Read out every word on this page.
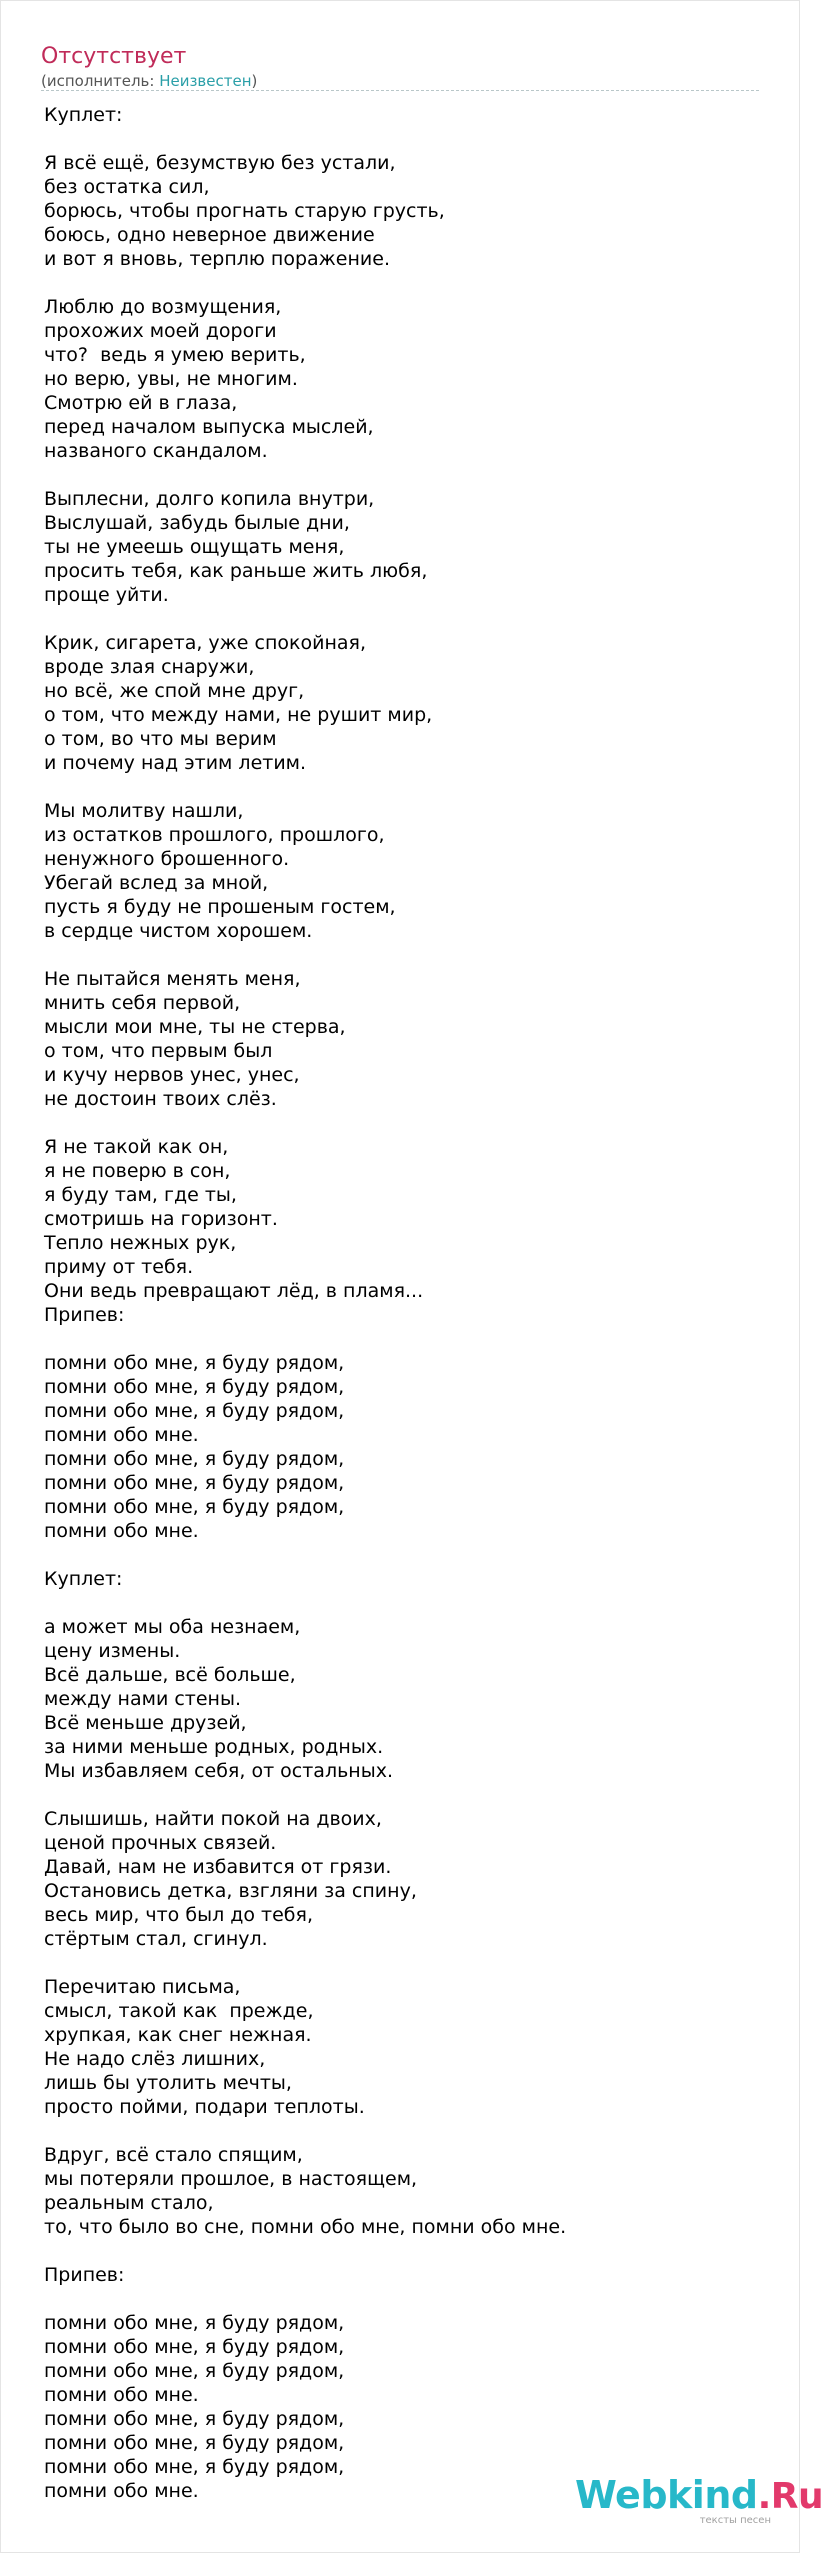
Отсутствует
(исполнитель: Неизвестен)
Куплет:

Я всё ещё, безумствую без устали,
без остатка сил,
борюсь, чтобы прогнать старую грусть,
боюсь, одно неверное движение
и вот я вновь, терплю поражение.

Люблю до возмущения,
прохожих моей дороги
что?  ведь я умею верить,
но верю, увы, не многим.
Смотрю ей в глаза,
перед началом выпуска мыслей,
названого скандалом.

Выплесни, долго копила внутри,
Выслушай, забудь былые дни,
ты не умеешь ощущать меня,
просить тебя, как раньше жить любя,
проще уйти.

Крик, сигарета, уже спокойная,
вроде злая снаружи,
но всё, же спой мне друг,
о том, что между нами, не рушит мир,
о том, во что мы верим
и почему над этим летим.

Мы молитву нашли,
из остатков прошлого, прошлого,
ненужного брошенного.
Убегай вслед за мной,
пусть я буду не прошеным гостем,
в сердце чистом хорошем.

Не пытайся менять меня,
мнить себя первой,
мысли мои мне, ты не стерва,
о том, что первым был
и кучу нервов унес, унес,
не достоин твоих слёз.

Я не такой как он,
я не поверю в сон,
я буду там, где ты,
смотришь на горизонт.
Тепло нежных рук,
приму от тебя.
Они ведь превращают лёд, в пламя...
Припев:

помни обо мне, я буду рядом,
помни обо мне, я буду рядом,
помни обо мне, я буду рядом,
помни обо мне.
помни обо мне, я буду рядом,
помни обо мне, я буду рядом,
помни обо мне, я буду рядом,
помни обо мне.

Куплет:

а может мы оба незнаем,
цену измены.
Всё дальше, всё больше,
между нами стены.
Всё меньше друзей,
за ними меньше родных, родных.
Мы избавляем себя, от остальных.

Слышишь, найти покой на двоих,
ценой прочных связей.
Давай, нам не избавится от грязи.
Остановись детка, взгляни за спину,
весь мир, что был до тебя,
стёртым стал, сгинул.

Перечитаю письма,
смысл, такой как  прежде,
хрупкая, как снег нежная.
Не надо слёз лишних,
лишь бы утолить мечты,
просто пойми, подари теплоты.

Вдруг, всё стало спящим,
мы потеряли прошлое, в настоящем,
реальным стало,
то, что было во сне, помни обо мне, помни обо мне.

Припев:

помни обо мне, я буду рядом,
помни обо мне, я буду рядом,
помни обо мне, я буду рядом,
помни обо мне.
помни обо мне, я буду рядом,
помни обо мне, я буду рядом,
помни обо мне, я буду рядом,
помни обо мне.	Webkind.Ru
тексты песен
